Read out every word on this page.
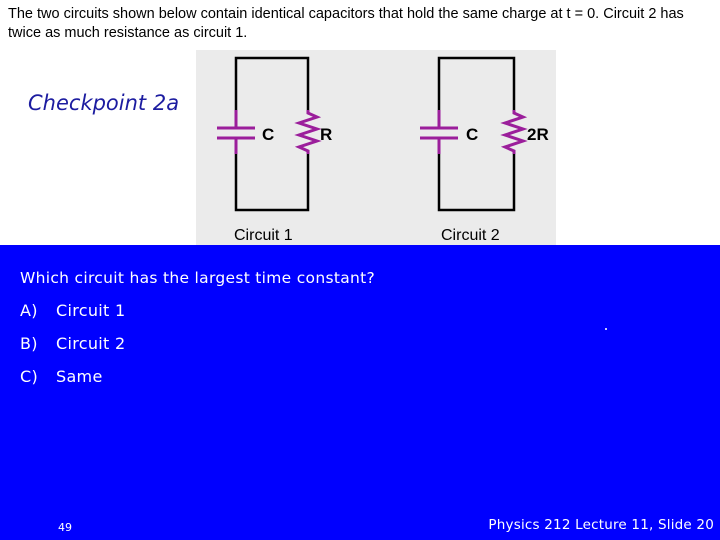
The two circuits shown below contain identical capacitors that hold the same charge at t = 0. Circuit 2 has twice as much resistance as circuit 1.

Checkpoint 2a

C	R
Circuit 1
C	2R
Circuit 2

Which circuit has the largest time constant?

A) Circuit 1
B) Circuit 2
C) Same
49	Physics 212 Lecture 11, Slide 20
